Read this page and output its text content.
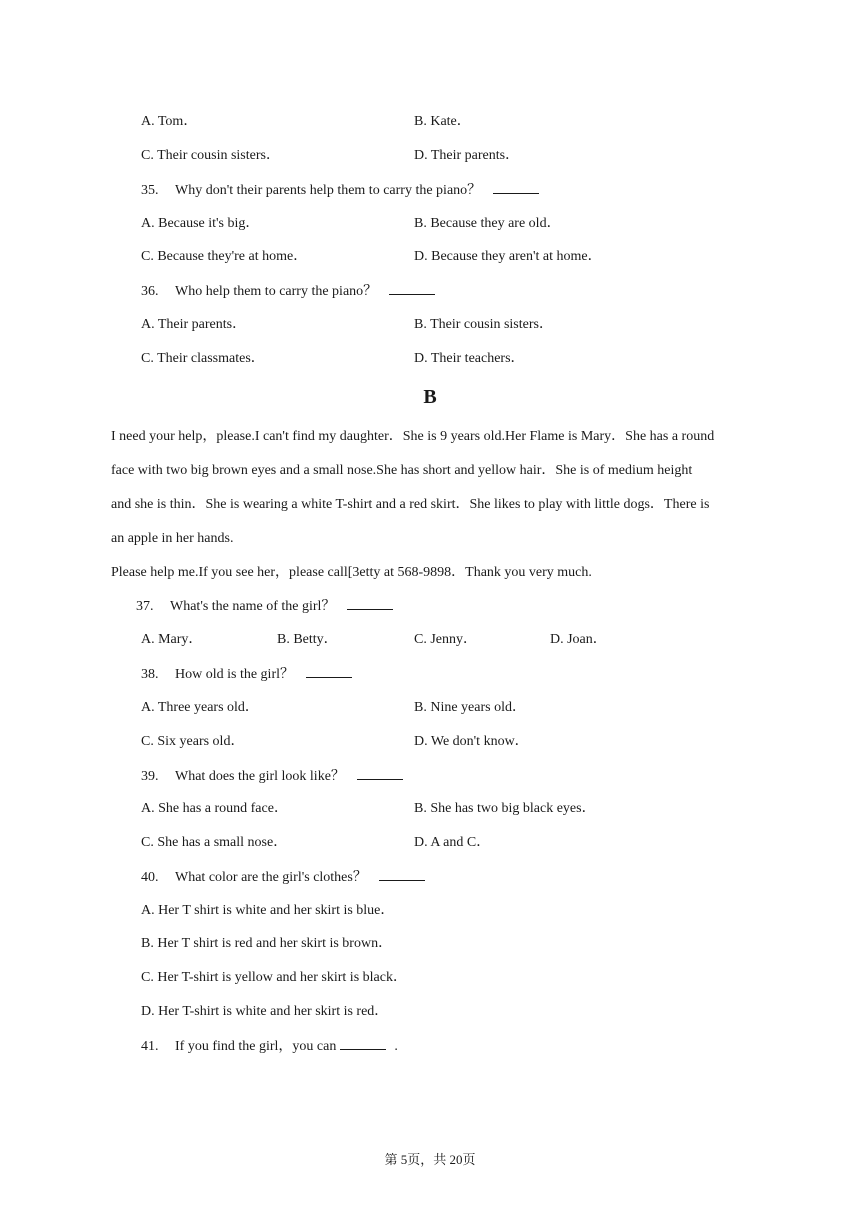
A. Tom．	B. Kate．
C. Their cousin sisters．	D. Their parents．
35. Why don't their parents help them to carry the piano？
A. Because it's big．	B. Because they are old．
C. Because they're at home．	D. Because they aren't at home．
36. Who help them to carry the piano？
A. Their parents．	B. Their cousin sisters．
C. Their classmates．	D. Their teachers．
B
I need your help，please.I can't find my daughter．She is 9 years old.Her Flame is Mary．She has a round
face with two big brown eyes and a small nose.She has short and yellow hair．She is of medium height
and she is thin．She is wearing a white T-shirt and a red skirt．She likes to play with little dogs．There is
an apple in her hands.
Please help me.If you see her，please call[3etty at 568-9898．Thank you very much.
37. What's the name of the girl？
A. Mary．	B. Betty．	C. Jenny．	D. Joan．
38. How old is the girl？
A. Three years old．	B. Nine years old．
C. Six years old．	D. We don't know．
39. What does the girl look like？
A. She has a round face．	B. She has two big black eyes．
C. She has a small nose．	D. A and C．
40. What color are the girl's clothes？
A. Her T shirt is white and her skirt is blue．
B. Her T shirt is red and her skirt is brown．
C. Her T-shirt is yellow and her skirt is black．
D. Her T-shirt is white and her skirt is red．
41. If you find the girl，you can	.
第 5页，共 20页
